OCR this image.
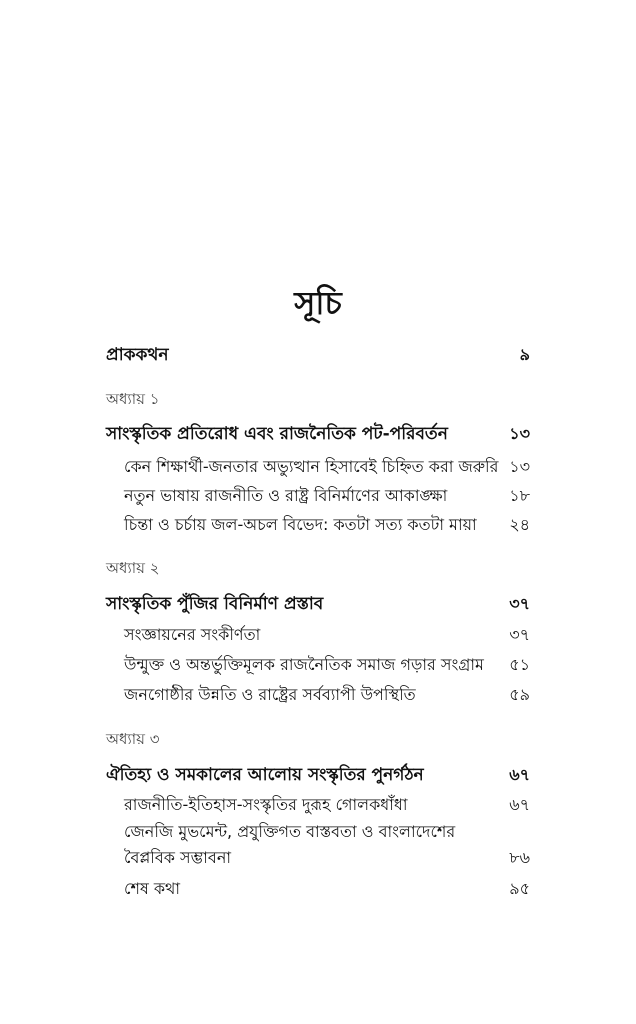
সূচি
প্রাককথন	৯
অধ্যায় ১
সাংস্কৃতিক প্রতিরোধ এবং রাজনৈতিক পট-পরিবর্তন	১৩
কেন শিক্ষার্থী-জনতার অভ্যুত্থান হিসাবেই চিহ্নিত করা জরুরি ১৩
নতুন ভাষায় রাজনীতি ও রাষ্ট্র বিনির্মাণের আকাঙ্ক্ষা	১৮
চিন্তা ও চর্চায় জল-অচল বিভেদ: কতটা সত্য কতটা মায়া ২৪
অধ্যায় ২
সাংস্কৃতিক পুঁজির বিনির্মাণ প্রস্তাব	৩৭
সংজ্ঞায়নের সংকীর্ণতা	৩৭
উন্মুক্ত ও অন্তর্ভুক্তিমূলক রাজনৈতিক সমাজ গড়ার সংগ্রাম ৫১
জনগোষ্ঠীর উন্নতি ও রাষ্ট্রের সর্বব্যাপী উপস্থিতি	৫৯
অধ্যায় ৩
ঐতিহ্য ও সমকালের আলোয় সংস্কৃতির পুনর্গঠন	৬৭
রাজনীতি-ইতিহাস-সংস্কৃতির দুরূহ গোলকধাঁধা	৬৭
জেনজি মুভমেন্ট, প্রযুক্তিগত বাস্তবতা ও বাংলাদেশের
বৈপ্লবিক সম্ভাবনা	৮৬
শেষ কথা	৯৫
